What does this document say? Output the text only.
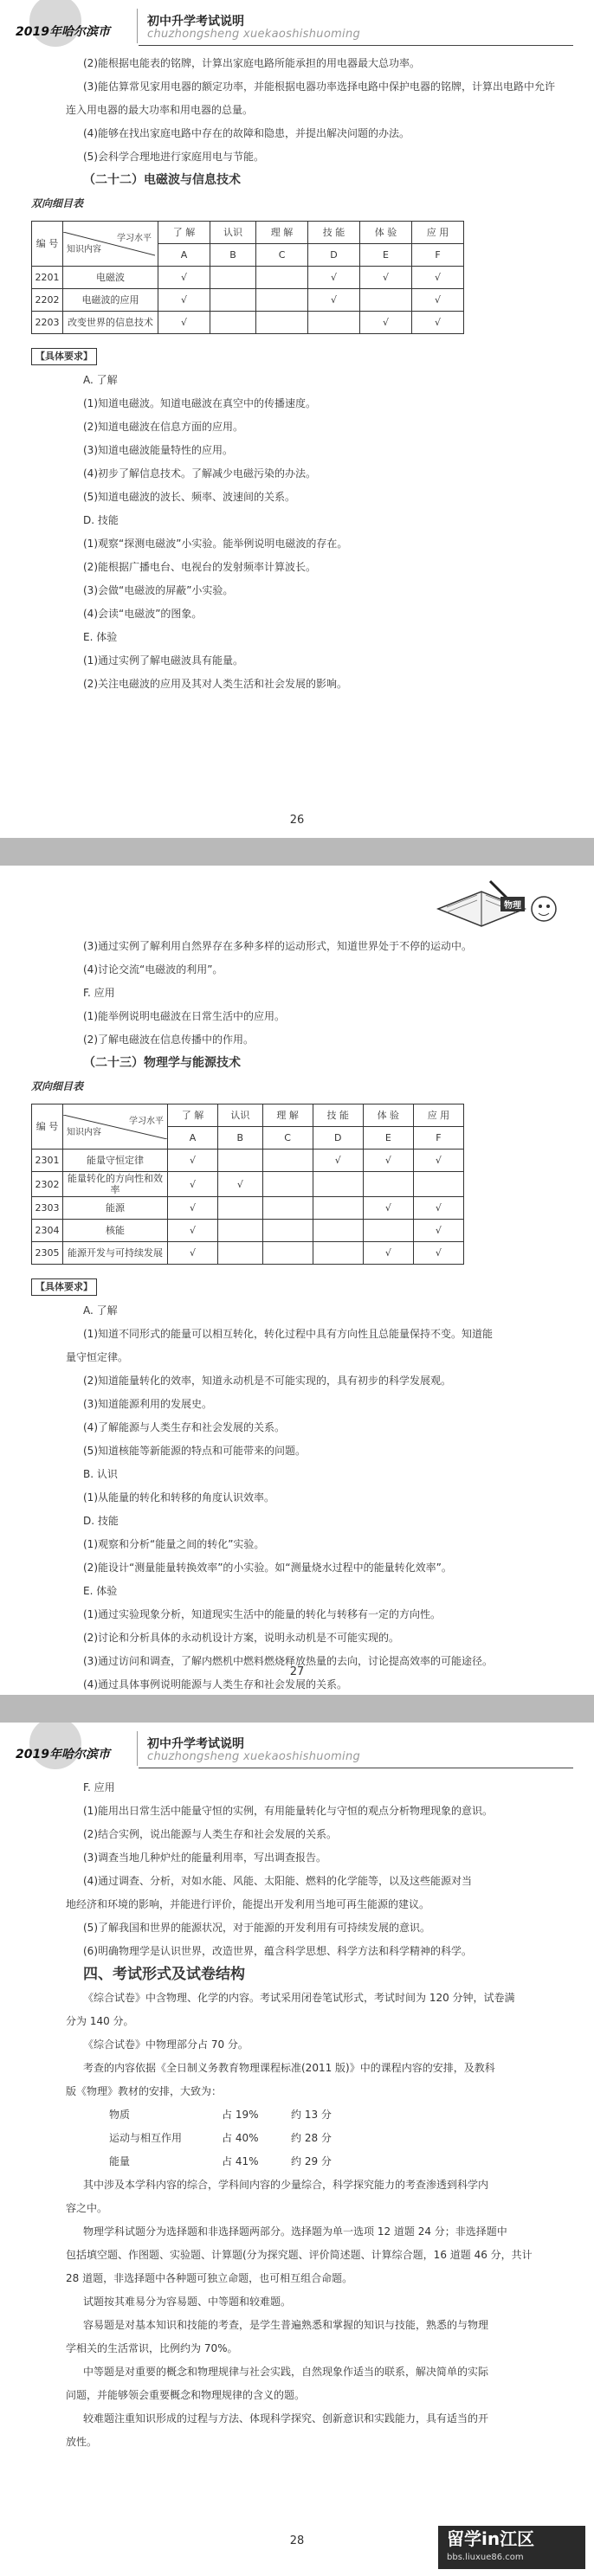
2019年哈尔滨市
初中升学考试说明
chuzhongsheng xuekaoshishuoming

(2)能根据电能表的铭牌，计算出家庭电路所能承担的用电器最大总功率。

(3)能估算常见家用电器的额定功率，并能根据电器功率选择电路中保护电器的铭牌，计算出电路中允许

连入用电器的最大功率和用电器的总量。

(4)能够在找出家庭电路中存在的故障和隐患，并提出解决问题的办法。

(5)会科学合理地进行家庭用电与节能。

（二十二）电磁波与信息技术

双向细目表

编 号	学习水平
知识内容	了 解	认识	理 解	技 能	体 验	应 用
		A	B	C	D	E	F
2201	电磁波	√			√	√	√
2202	电磁波的应用	√			√		√
2203	改变世界的信息技术	√				√	√
【具体要求】

A. 了解

(1)知道电磁波。知道电磁波在真空中的传播速度。

(2)知道电磁波在信息方面的应用。

(3)知道电磁波能量特性的应用。

(4)初步了解信息技术。了解减少电磁污染的办法。

(5)知道电磁波的波长、频率、波速间的关系。

D. 技能

(1)观察“探测电磁波”小实验。能举例说明电磁波的存在。

(2)能根据广播电台、电视台的发射频率计算波长。

(3)会做“电磁波的屏蔽”小实验。

(4)会读“电磁波”的图象。

E. 体验

(1)通过实例了解电磁波具有能量。

(2)关注电磁波的应用及其对人类生活和社会发展的影响。

26
物理

(3)通过实例了解利用自然界存在多种多样的运动形式，知道世界处于不停的运动中。

(4)讨论交流“电磁波的利用”。

F. 应用

(1)能举例说明电磁波在日常生活中的应用。

(2)了解电磁波在信息传播中的作用。

（二十三）物理学与能源技术

双向细目表

编 号	学习水平
知识内容	了 解	认识	理 解	技 能	体 验	应 用
		A	B	C	D	E	F
2301	能量守恒定律	√			√	√	√
2302	能量转化的方向性和效率	√	√				
2303	能源	√				√	√
2304	核能	√					√
2305	能源开发与可持续发展	√				√	√
【具体要求】

A. 了解

(1)知道不同形式的能量可以相互转化，转化过程中具有方向性且总能量保持不变。知道能

量守恒定律。

(2)知道能量转化的效率，知道永动机是不可能实现的，具有初步的科学发展观。

(3)知道能源利用的发展史。

(4)了解能源与人类生存和社会发展的关系。

(5)知道核能等新能源的特点和可能带来的问题。

B. 认识

(1)从能量的转化和转移的角度认识效率。

D. 技能

(1)观察和分析“能量之间的转化”实验。

(2)能设计“测量能量转换效率”的小实验。如“测量烧水过程中的能量转化效率”。

E. 体验

(1)通过实验现象分析，知道现实生活中的能量的转化与转移有一定的方向性。

(2)讨论和分析具体的永动机设计方案，说明永动机是不可能实现的。

(3)通过访问和调查，了解内燃机中燃料燃烧释放热量的去向，讨论提高效率的可能途径。

(4)通过具体事例说明能源与人类生存和社会发展的关系。

27
2019年哈尔滨市
初中升学考试说明
chuzhongsheng xuekaoshishuoming

F. 应用

(1)能用出日常生活中能量守恒的实例，有用能量转化与守恒的观点分析物理现象的意识。

(2)结合实例，说出能源与人类生存和社会发展的关系。

(3)调查当地几种炉灶的能量利用率，写出调查报告。

(4)通过调查、分析，对如水能、风能、太阳能、燃料的化学能等，以及这些能源对当

地经济和环境的影响，并能进行评价，能提出开发利用当地可再生能源的建议。

(5)了解我国和世界的能源状况，对于能源的开发利用有可持续发展的意识。

(6)明确物理学是认识世界，改造世界，蕴含科学思想、科学方法和科学精神的科学。

四、考试形式及试卷结构

《综合试卷》中含物理、化学的内容。考试采用闭卷笔试形式，考试时间为 120 分钟，试卷满

分为 140 分。

《综合试卷》中物理部分占 70 分。

考查的内容依据《全日制义务教育物理课程标准(2011 版)》中的课程内容的安排，及教科

版《物理》教材的安排，大致为：

物质	占 19%	约 13 分
运动与相互作用	占 40%	约 28 分
能量	占 41%	约 29 分

其中涉及本学科内容的综合，学科间内容的少量综合，科学探究能力的考查渗透到科学内

容之中。

物理学科试题分为选择题和非选择题两部分。选择题为单一选项 12 道题 24 分；非选择题中

包括填空题、作图题、实验题、计算题(分为探究题、评价简述题、计算综合题，16 道题 46 分，共计

28 道题，非选择题中各种题可独立命题，也可相互组合命题。

试题按其难易分为容易题、中等题和较难题。

容易题是对基本知识和技能的考查，是学生普遍熟悉和掌握的知识与技能，熟悉的与物理

学相关的生活常识，比例约为 70%。

中等题是对重要的概念和物理规律与社会实践，自然现象作适当的联系，解决简单的实际

问题，并能够领会重要概念和物理规律的含义的题。

较难题注重知识形成的过程与方法、体现科学探究、创新意识和实践能力，具有适当的开

放性。

28	留学in江区
bbs.liuxue86.com
